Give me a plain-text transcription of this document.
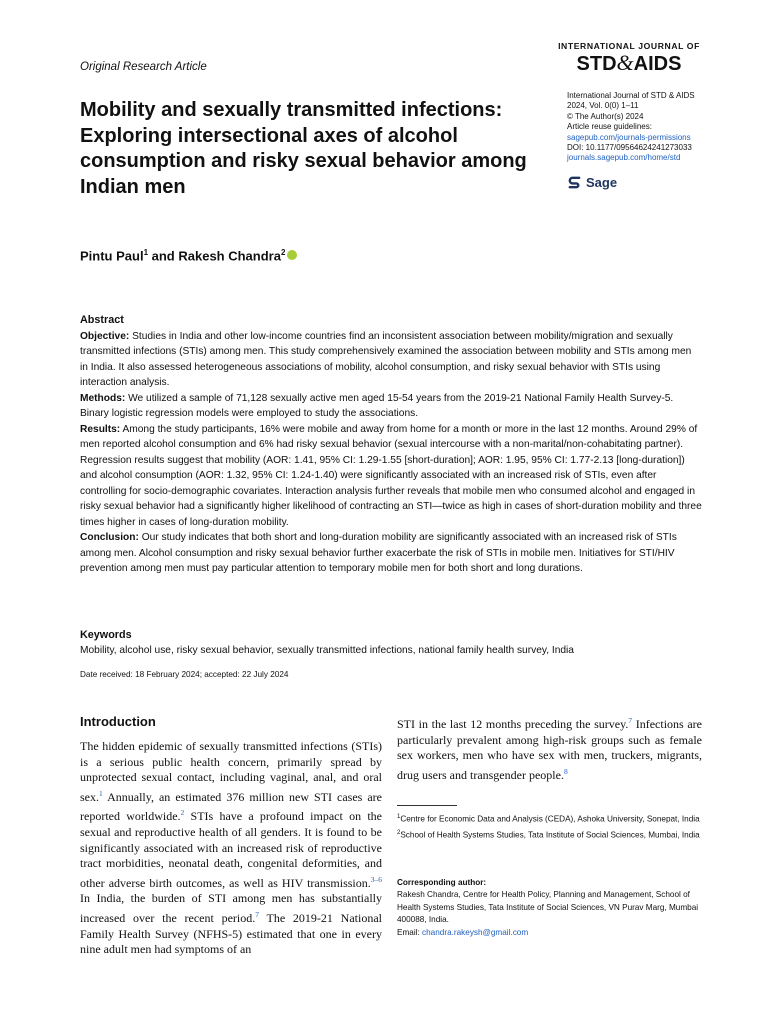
Original Research Article
INTERNATIONAL JOURNAL OF
STD&AIDS
International Journal of STD & AIDS
2024, Vol. 0(0) 1–11
© The Author(s) 2024
Article reuse guidelines:
sagepub.com/journals-permissions
DOI: 10.1177/09564624241273033
journals.sagepub.com/home/std
Sage
Mobility and sexually transmitted infections: Exploring intersectional axes of alcohol consumption and risky sexual behavior among Indian men
Pintu Paul$^1$ and Rakesh Chandra$^2$
Abstract

Objective: Studies in India and other low-income countries find an inconsistent association between mobility/migration and sexually transmitted infections (STIs) among men. This study comprehensively examined the association between mobility and STIs among men in India. It also assessed heterogeneous associations of mobility, alcohol consumption, and risky sexual behavior with STIs using interaction analysis.

Methods: We utilized a sample of 71,128 sexually active men aged 15-54 years from the 2019-21 National Family Health Survey-5. Binary logistic regression models were employed to study the associations.

Results: Among the study participants, 16% were mobile and away from home for a month or more in the last 12 months. Around 29% of men reported alcohol consumption and 6% had risky sexual behavior (sexual intercourse with a non-marital/non-cohabitating partner). Regression results suggest that mobility (AOR: 1.41, 95% CI: 1.29-1.55 [short-duration]; AOR: 1.95, 95% CI: 1.77-2.13 [long-duration]) and alcohol consumption (AOR: 1.32, 95% CI: 1.24-1.40) were significantly associated with an increased risk of STIs, even after controlling for socio-demographic covariates. Interaction analysis further reveals that mobile men who consumed alcohol and engaged in risky sexual behavior had a significantly higher likelihood of contracting an STI—twice as high in cases of short-duration mobility and three times higher in cases of long-duration mobility.

Conclusion: Our study indicates that both short and long-duration mobility are significantly associated with an increased risk of STIs among men. Alcohol consumption and risky sexual behavior further exacerbate the risk of STIs in mobile men. Initiatives for STI/HIV prevention among men must pay particular attention to temporary mobile men for both short and long durations.

Keywords
Mobility, alcohol use, risky sexual behavior, sexually transmitted infections, national family health survey, India
Date received: 18 February 2024; accepted: 22 July 2024
Introduction
The hidden epidemic of sexually transmitted infections (STIs) is a serious public health concern, primarily spread by unprotected sexual contact, including vaginal, anal, and oral sex.$^1$ Annually, an estimated 376 million new STI cases are reported worldwide.$^2$ STIs have a profound impact on the sexual and reproductive health of all genders. It is found to be significantly associated with an increased risk of reproductive tract morbidities, neonatal death, congenital deformities, and other adverse birth outcomes, as well as HIV transmission.$^{3-6}$ In India, the burden of STI among men has substantially increased over the recent period.$^7$ The 2019-21 National Family Health Survey (NFHS-5) estimated that one in every nine adult men had symptoms of an
STI in the last 12 months preceding the survey.$^7$ Infections are particularly prevalent among high-risk groups such as female sex workers, men who have sex with men, truckers, migrants, drug users and transgender people.$^8$
$^1$Centre for Economic Data and Analysis (CEDA), Ashoka University, Sonepat, India
$^2$School of Health Systems Studies, Tata Institute of Social Sciences, Mumbai, India
Corresponding author:
Rakesh Chandra, Centre for Health Policy, Planning and Management, School of Health Systems Studies, Tata Institute of Social Sciences, VN Purav Marg, Mumbai 400088, India.
Email: chandra.rakeysh@gmail.com
